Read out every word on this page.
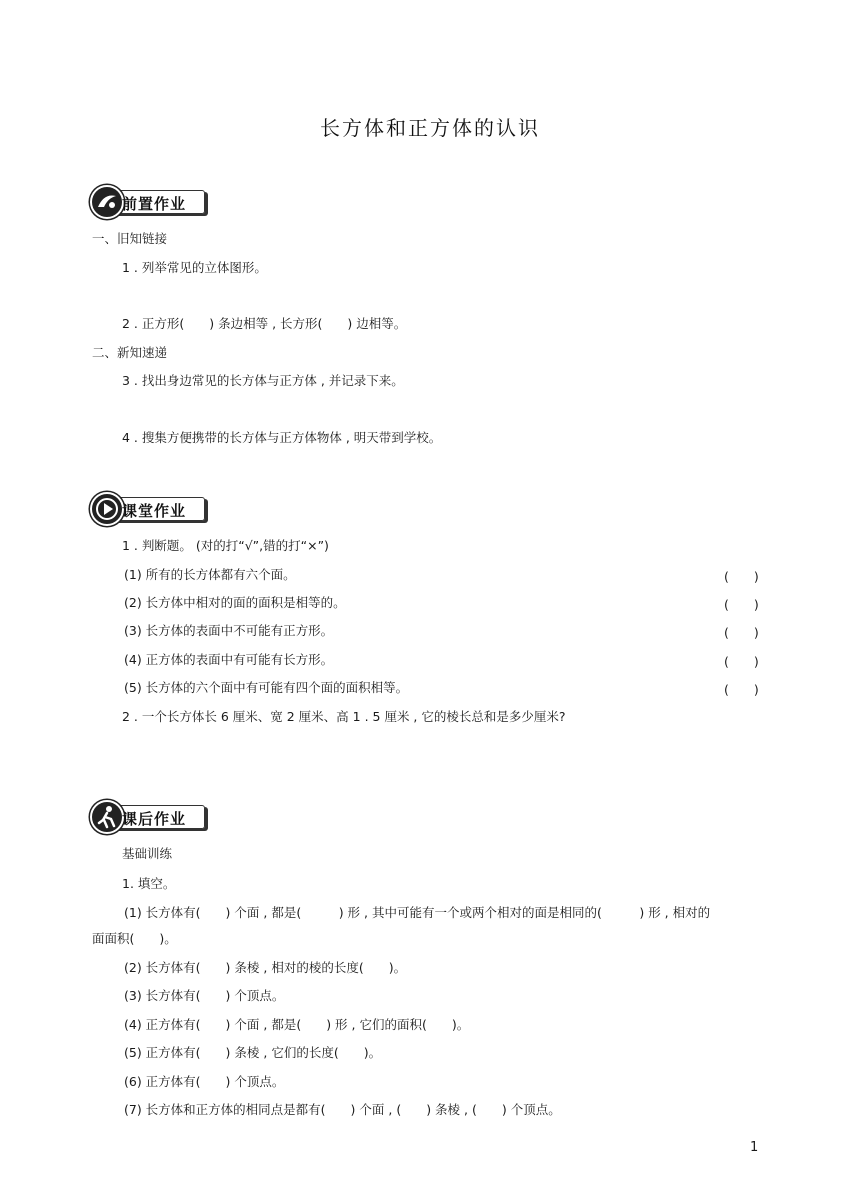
长方体和正方体的认识
前置作业
一、旧知链接
1 . 列举常见的立体图形。
2 . 正方形(　　) 条边相等 , 长方形(　　) 边相等。
二、新知速递
3 . 找出身边常见的长方体与正方体 , 并记录下来。
4 . 搜集方便携带的长方体与正方体物体 , 明天带到学校。
课堂作业
1 . 判断题。 (对的打“√”,错的打“×”)
(1) 所有的长方体都有六个面。	(　　)
(2) 长方体中相对的面的面积是相等的。	(　　)
(3) 长方体的表面中不可能有正方形。	(　　)
(4) 正方体的表面中有可能有长方形。	(　　)
(5) 长方体的六个面中有可能有四个面的面积相等。	(　　)
2 . 一个长方体长 6 厘米、宽 2 厘米、高 1 . 5 厘米 , 它的棱长总和是多少厘米?
课后作业
基础训练
1. 填空。
(1) 长方体有(　　) 个面 , 都是(　　　) 形 , 其中可能有一个或两个相对的面是相同的(　　　) 形 , 相对的
面面积(　　)。
(2) 长方体有(　　) 条棱 , 相对的棱的长度(　　)。
(3) 长方体有(　　) 个顶点。
(4) 正方体有(　　) 个面 , 都是(　　) 形 , 它们的面积(　　)。
(5) 正方体有(　　) 条棱 , 它们的长度(　　)。
(6) 正方体有(　　) 个顶点。
(7) 长方体和正方体的相同点是都有(　　) 个面 , (　　) 条棱 , (　　) 个顶点。
1
